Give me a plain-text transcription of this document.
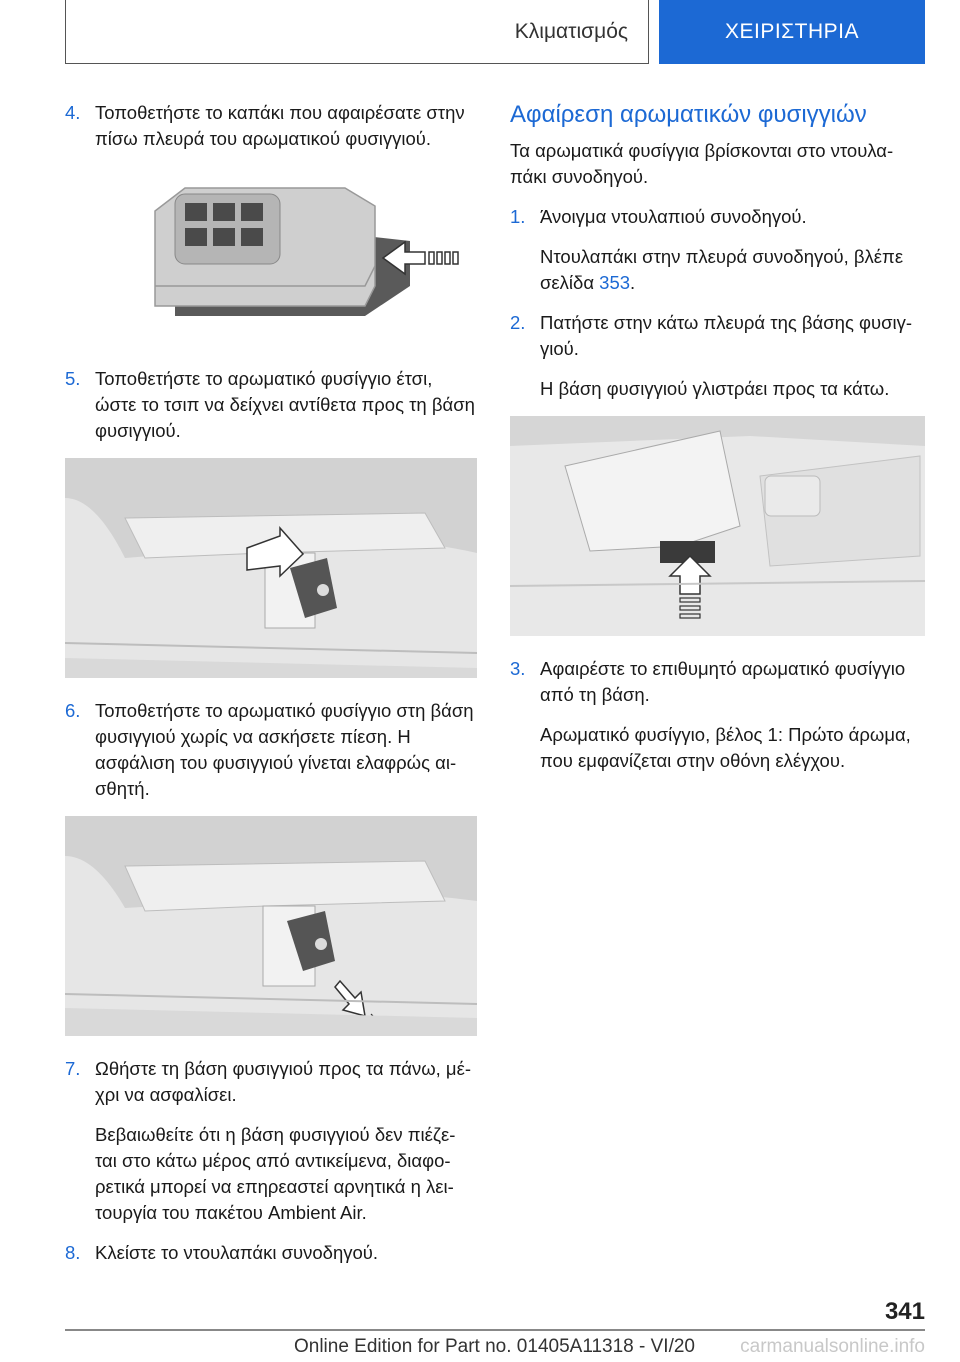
Κλιματισμός	ΧΕΙΡΙΣΤΗΡΙΑ
4. Τοποθετήστε το καπάκι που αφαιρέσατε στην πίσω πλευρά του αρωματικού φυσιγγιού.
5. Τοποθετήστε το αρωματικό φυσίγγιο έτσι, ώστε το τσιπ να δείχνει αντίθετα προς τη βάση φυσιγγιού.
6. Τοποθετήστε το αρωματικό φυσίγγιο στη βάση φυσιγγιού χωρίς να ασκήσετε πίεση. Η ασφάλιση του φυσιγγιού γίνεται ελαφρώς αι-σθητή.
7. Ωθήστε τη βάση φυσιγγιού προς τα πάνω, μέ-χρι να ασφαλίσει.
Βεβαιωθείτε ότι η βάση φυσιγγιού δεν πιέζε-ται στο κάτω μέρος από αντικείμενα, διαφο-ρετικά μπορεί να επηρεαστεί αρνητικά η λει-τουργία του πακέτου Ambient Air.
8. Κλείστε το ντουλαπάκι συνοδηγού.
Αφαίρεση αρωματικών φυσιγγιών
Τα αρωματικά φυσίγγια βρίσκονται στο ντουλα-πάκι συνοδηγού.
1. Άνοιγμα ντουλαπιού συνοδηγού.
Ντουλαπάκι στην πλευρά συνοδηγού, βλέπε σελίδα 353.
2. Πατήστε στην κάτω πλευρά της βάσης φυσιγ-γιού.
Η βάση φυσιγγιού γλιστράει προς τα κάτω.
3. Αφαιρέστε το επιθυμητό αρωματικό φυσίγγιο από τη βάση.
Αρωματικό φυσίγγιο, βέλος 1: Πρώτο άρωμα, που εμφανίζεται στην οθόνη ελέγχου.
341
Online Edition for Part no. 01405A11318 - VI/20 carmanualsonline.info
